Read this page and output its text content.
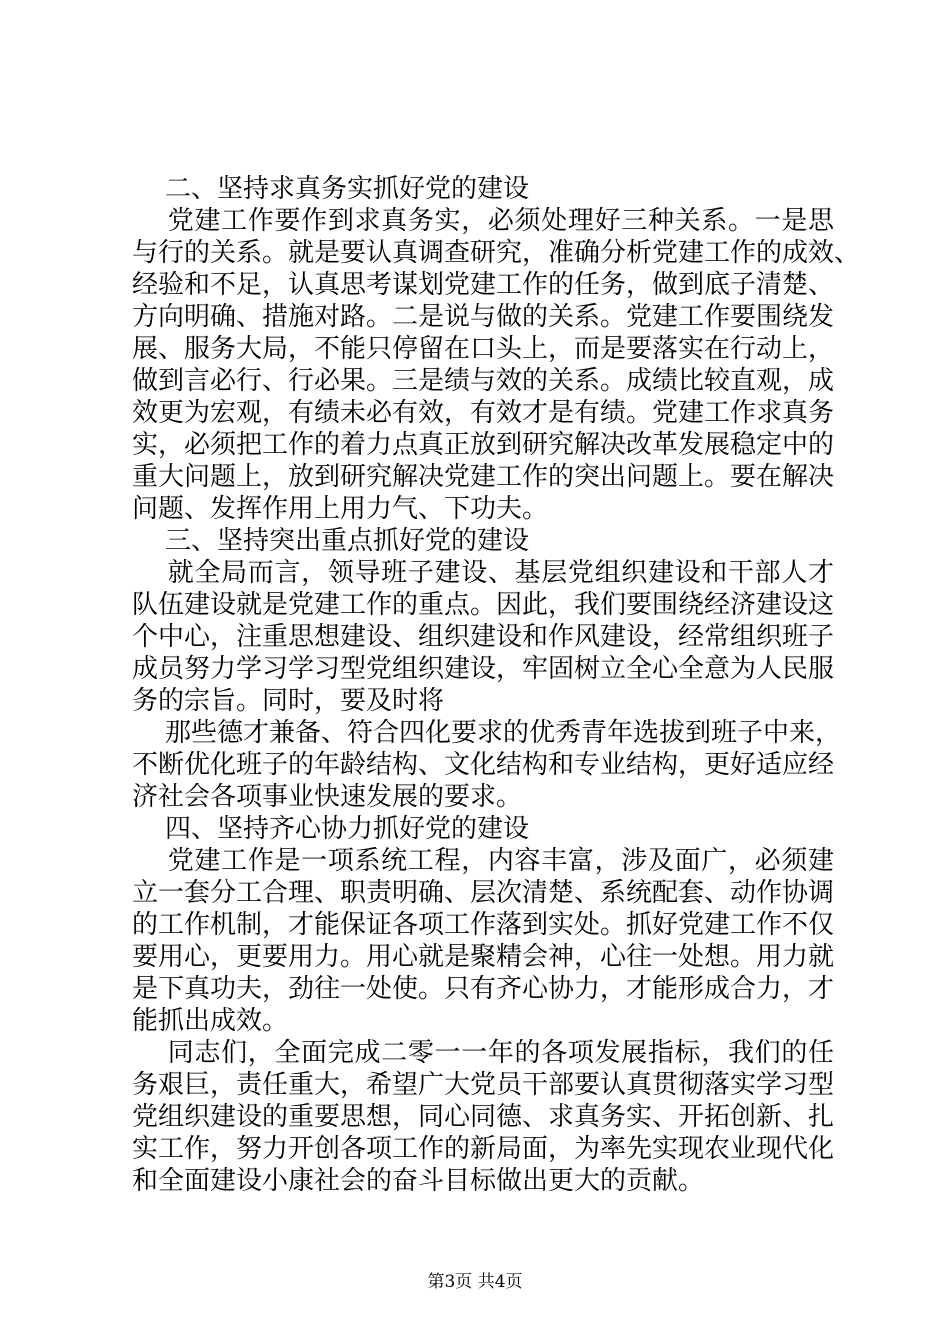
二、坚持求真务实抓好党的建设
党建工作要作到求真务实，必须处理好三种关系。一是思
与行的关系。就是要认真调查研究，准确分析党建工作的成效、
经验和不足，认真思考谋划党建工作的任务，做到底子清楚、
方向明确、措施对路。二是说与做的关系。党建工作要围绕发
展、服务大局，不能只停留在口头上，而是要落实在行动上，
做到言必行、行必果。三是绩与效的关系。成绩比较直观，成
效更为宏观，有绩未必有效，有效才是有绩。党建工作求真务
实，必须把工作的着力点真正放到研究解决改革发展稳定中的
重大问题上，放到研究解决党建工作的突出问题上。要在解决
问题、发挥作用上用力气、下功夫。
三、坚持突出重点抓好党的建设
就全局而言，领导班子建设、基层党组织建设和干部人才
队伍建设就是党建工作的重点。因此，我们要围绕经济建设这
个中心，注重思想建设、组织建设和作风建设，经常组织班子
成员努力学习学习型党组织建设，牢固树立全心全意为人民服
务的宗旨。同时，要及时将
那些德才兼备、符合四化要求的优秀青年选拔到班子中来，
不断优化班子的年龄结构、文化结构和专业结构，更好适应经
济社会各项事业快速发展的要求。
四、坚持齐心协力抓好党的建设
党建工作是一项系统工程，内容丰富，涉及面广，必须建
立一套分工合理、职责明确、层次清楚、系统配套、动作协调
的工作机制，才能保证各项工作落到实处。抓好党建工作不仅
要用心，更要用力。用心就是聚精会神，心往一处想。用力就
是下真功夫，劲往一处使。只有齐心协力，才能形成合力，才
能抓出成效。
同志们，全面完成二零一一年的各项发展指标，我们的任
务艰巨，责任重大，希望广大党员干部要认真贯彻落实学习型
党组织建设的重要思想，同心同德、求真务实、开拓创新、扎
实工作，努力开创各项工作的新局面，为率先实现农业现代化
和全面建设小康社会的奋斗目标做出更大的贡献。
第3页 共4页
